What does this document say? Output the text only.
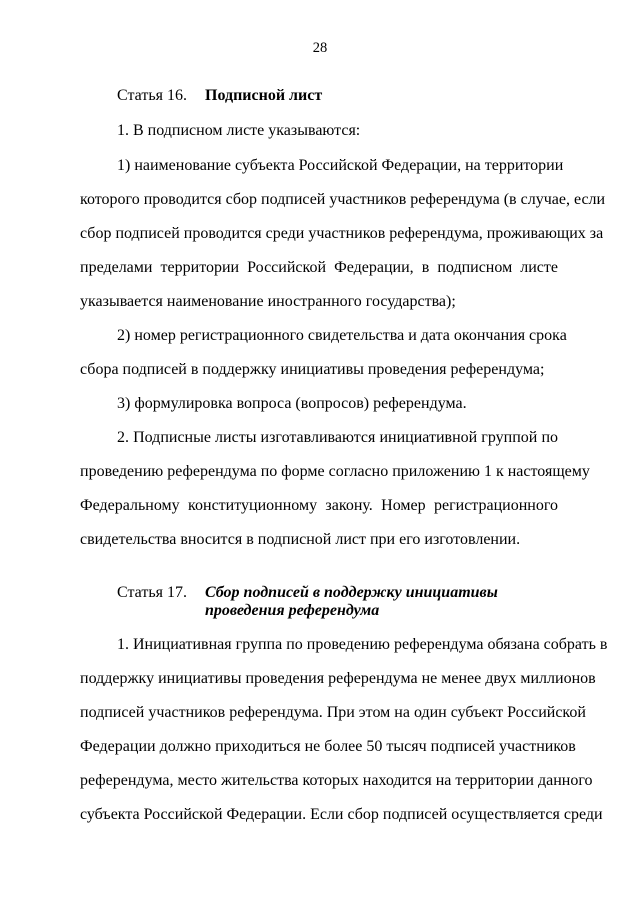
28
Статья 16. Подписной лист
1. В подписном листе указываются:
1) наименование субъекта Российской Федерации, на территории
которого проводится сбор подписей участников референдума (в случае, если
сбор подписей проводится среди участников референдума, проживающих за
пределами территории Российской Федерации, в подписном листе
указывается наименование иностранного государства);
2) номер регистрационного свидетельства и дата окончания срока
сбора подписей в поддержку инициативы проведения референдума;
3) формулировка вопроса (вопросов) референдума.
2. Подписные листы изготавливаются инициативной группой по
проведению референдума по форме согласно приложению 1 к настоящему
Федеральному конституционному закону. Номер регистрационного
свидетельства вносится в подписной лист при его изготовлении.
Статья 17. Сбор подписей в поддержку инициативы
проведения референдума
1. Инициативная группа по проведению референдума обязана собрать в
поддержку инициативы проведения референдума не менее двух миллионов
подписей участников референдума. При этом на один субъект Российской
Федерации должно приходиться не более 50 тысяч подписей участников
референдума, место жительства которых находится на территории данного
субъекта Российской Федерации. Если сбор подписей осуществляется среди
